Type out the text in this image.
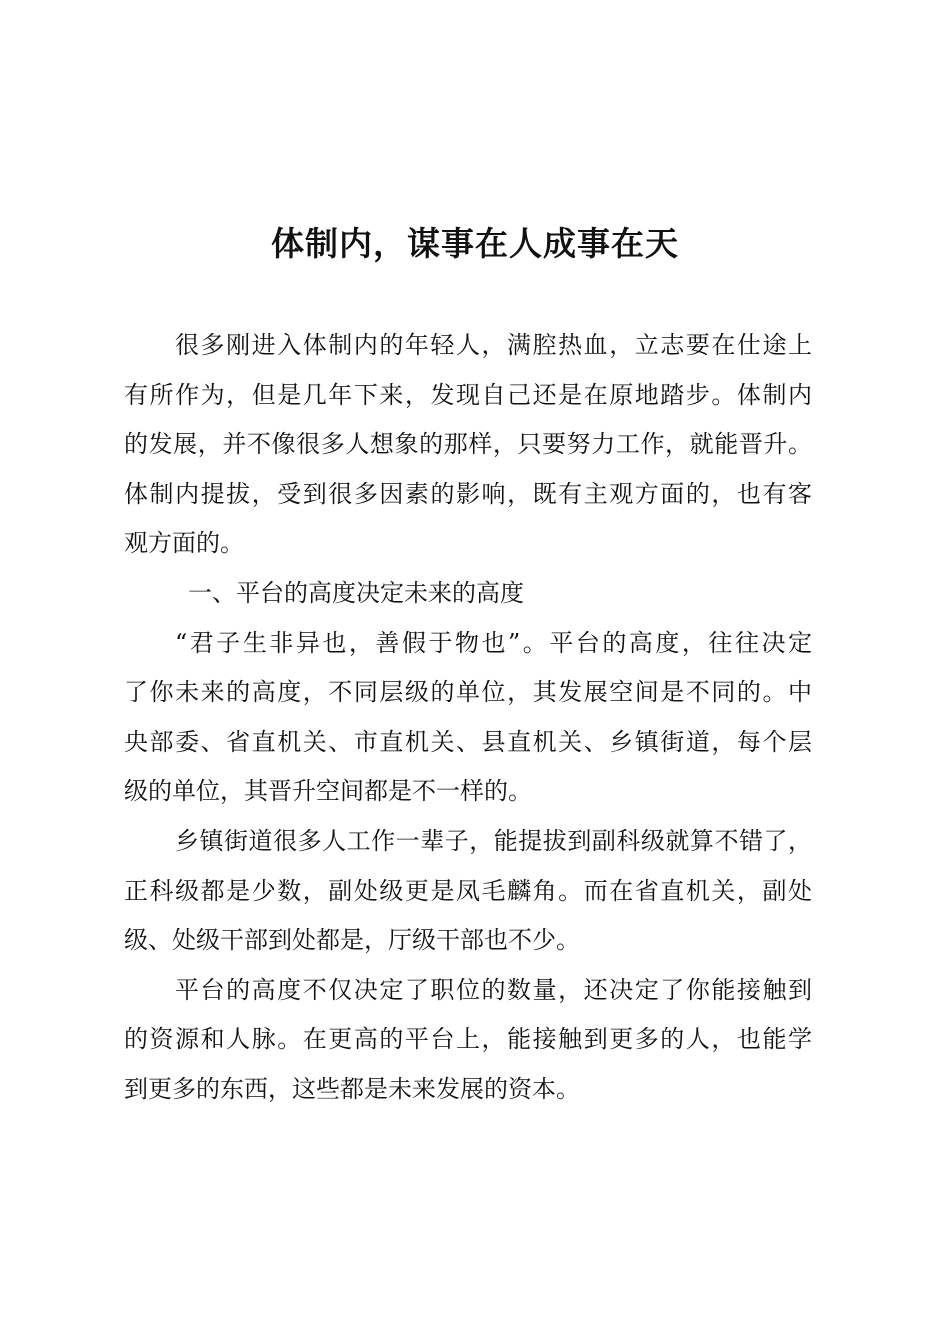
体制内，谋事在人成事在天
很多刚进入体制内的年轻人，满腔热血，立志要在仕途上
有所作为，但是几年下来，发现自己还是在原地踏步。体制内
的发展，并不像很多人想象的那样，只要努力工作，就能晋升。
体制内提拔，受到很多因素的影响，既有主观方面的，也有客
观方面的。
一、平台的高度决定未来的高度
“君子生非异也，善假于物也”。平台的高度，往往决定
了你未来的高度，不同层级的单位，其发展空间是不同的。中
央部委、省直机关、市直机关、县直机关、乡镇街道，每个层
级的单位，其晋升空间都是不一样的。
乡镇街道很多人工作一辈子，能提拔到副科级就算不错了，
正科级都是少数，副处级更是凤毛麟角。而在省直机关，副处
级、处级干部到处都是，厅级干部也不少。
平台的高度不仅决定了职位的数量，还决定了你能接触到
的资源和人脉。在更高的平台上，能接触到更多的人，也能学
到更多的东西，这些都是未来发展的资本。
